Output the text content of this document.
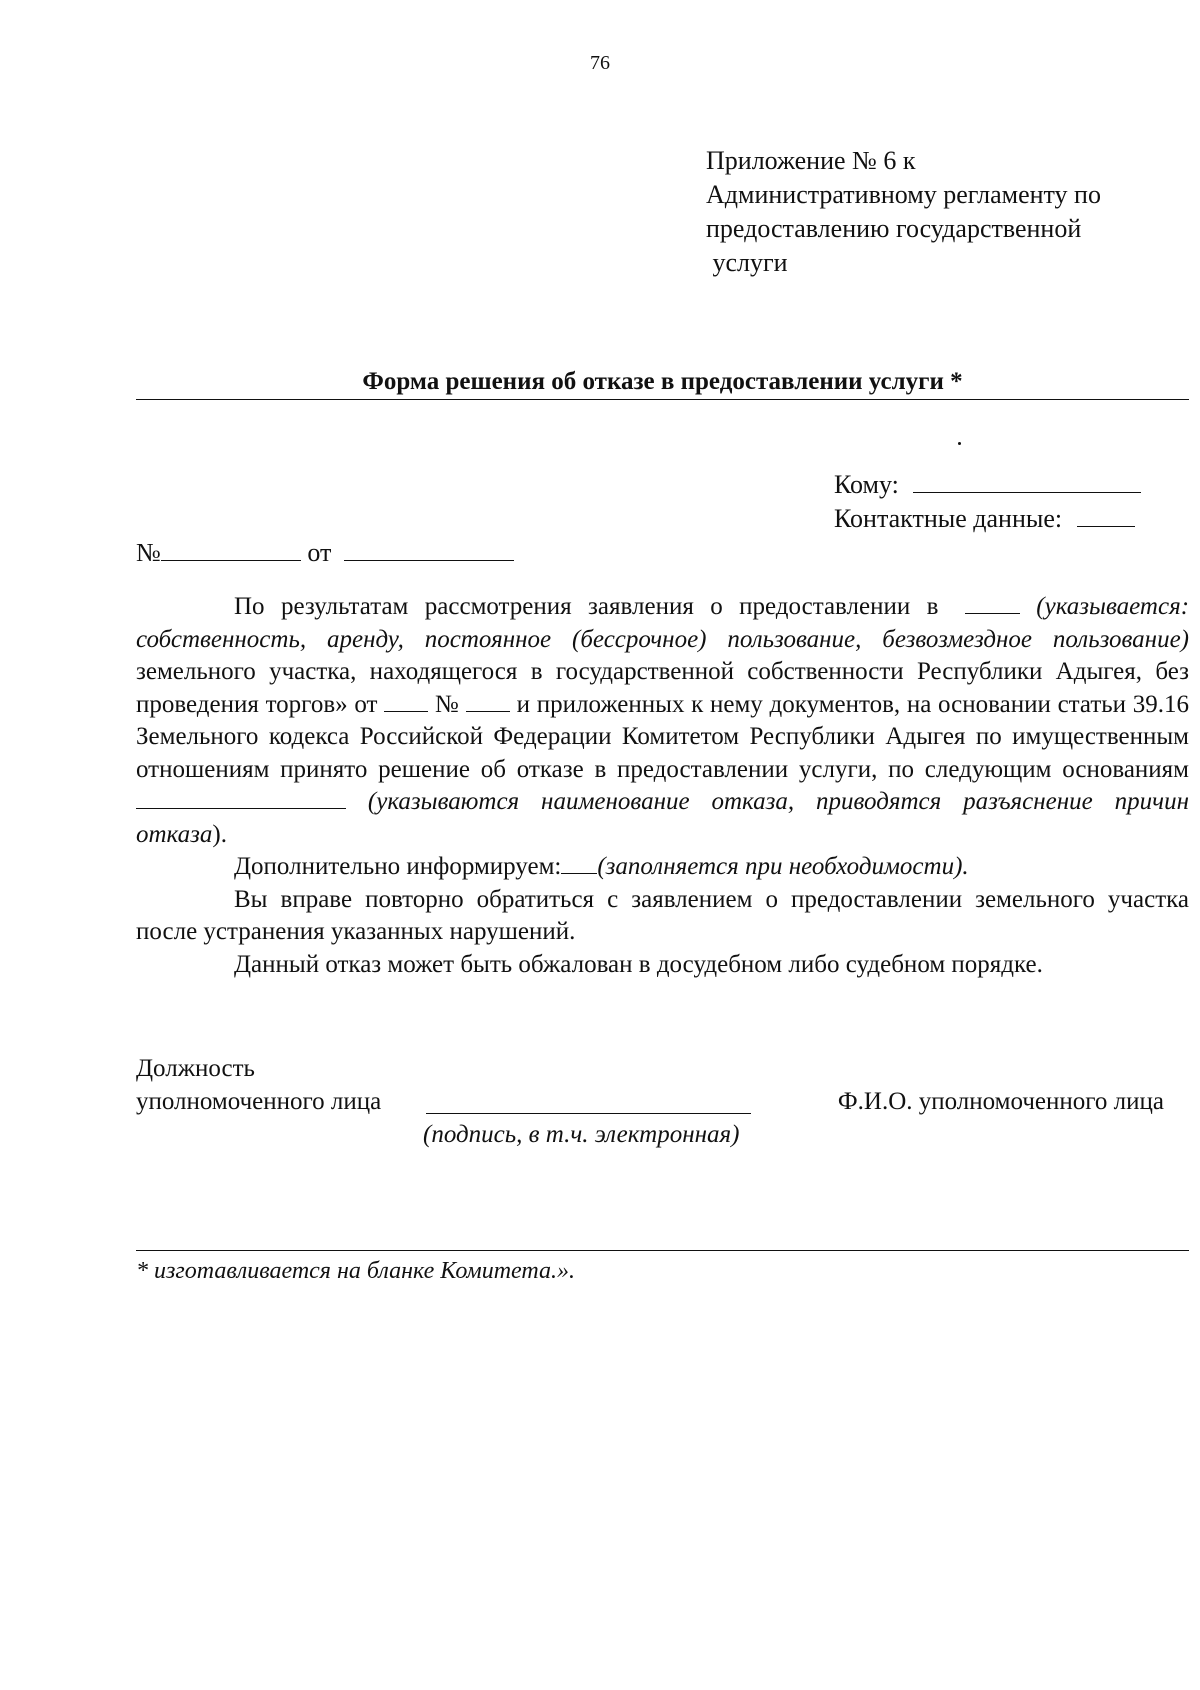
76
Приложение № 6 к
Административному регламенту по
предоставлению государственной
услуги
Форма решения об отказе в предоставлении услуги *
Кому:
Контактные данные:
№	от

По результатам рассмотрения заявления о предоставлении в	(указывается: собственность, аренду, постоянное (бессрочное) пользование, безвозмездное пользование) земельного участка, находящегося в государственной собственности Республики Адыгея, без проведения торгов» от № и приложенных к нему документов, на основании статьи 39.16 Земельного кодекса Российской Федерации Комитетом Республики Адыгея по имущественным отношениям принято решение об отказе в предоставлении услуги, по следующим основаниям (указываются наименование отказа, приводятся разъяснение причин отказа).

Дополнительно информируем: (заполняется при необходимости).

Вы вправе повторно обратиться с заявлением о предоставлении земельного участка после устранения указанных нарушений.

Данный отказ может быть обжалован в досудебном либо судебном порядке.

Должность
уполномоченного лица	Ф.И.О. уполномоченного лица
(подпись, в т.ч. электронная)
* изготавливается на бланке Комитета.».
